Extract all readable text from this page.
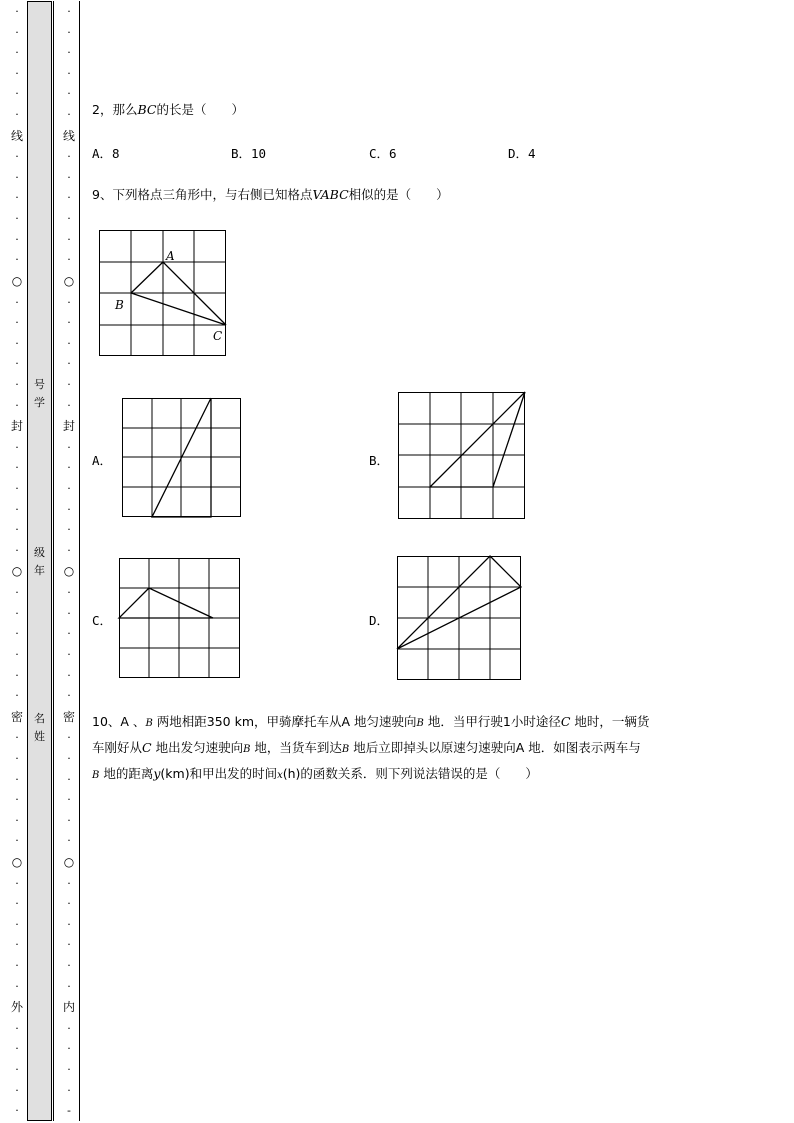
·
·
·
·
·
·
线
·
·
·
·
·
·
○
·
·
·
·
·
·
封
·
·
·
·
·
·
○
·
·
·
·
·
·
密
·
·
·
·
·
·
○
·
·
·
·
·
·
外
·
·
·
·
·
·
·
·
·
·
·
线
·
·
·
·
·
·
○
·
·
·
·
·
·
封
·
·
·
·
·
·
○
·
·
·
·
·
·
密
·
·
·
·
·
·
○
·
·
·
·
·
·
内
·
·
·
·
-
号
学
级
年
名
姓
2，那么BC的长是（　　）
A．8	B．10	C．6	D．4
9、下列格点三角形中，与右侧已知格点VABC相似的是（　　）
A
B
C
A．	B．
C．	D．
10、A 、B 两地相距350 km，甲骑摩托车从A 地匀速驶向B 地．当甲行驶1小时途径C 地时，一辆货
车刚好从C 地出发匀速驶向B 地，当货车到达B 地后立即掉头以原速匀速驶向A 地．如图表示两车与
B 地的距离y(km)和甲出发的时间x(h)的函数关系．则下列说法错误的是（　　）
